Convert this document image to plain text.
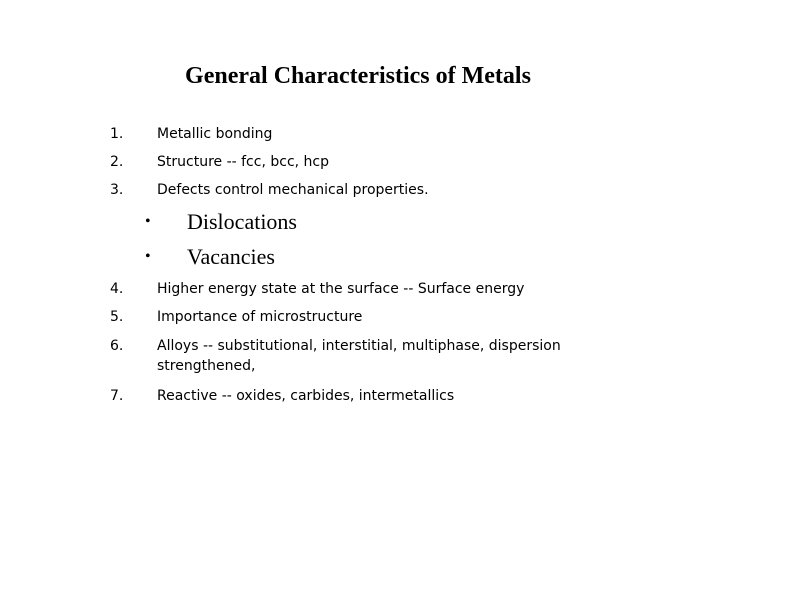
General Characteristics of Metals
1. Metallic bonding
2. Structure -- fcc, bcc, hcp
3. Defects control mechanical properties.
• Dislocations
• Vacancies
4. Higher energy state at the surface -- Surface energy
5. Importance of microstructure
6. Alloys -- substitutional, interstitial, multiphase, dispersion strengthened,
7. Reactive -- oxides, carbides, intermetallics
